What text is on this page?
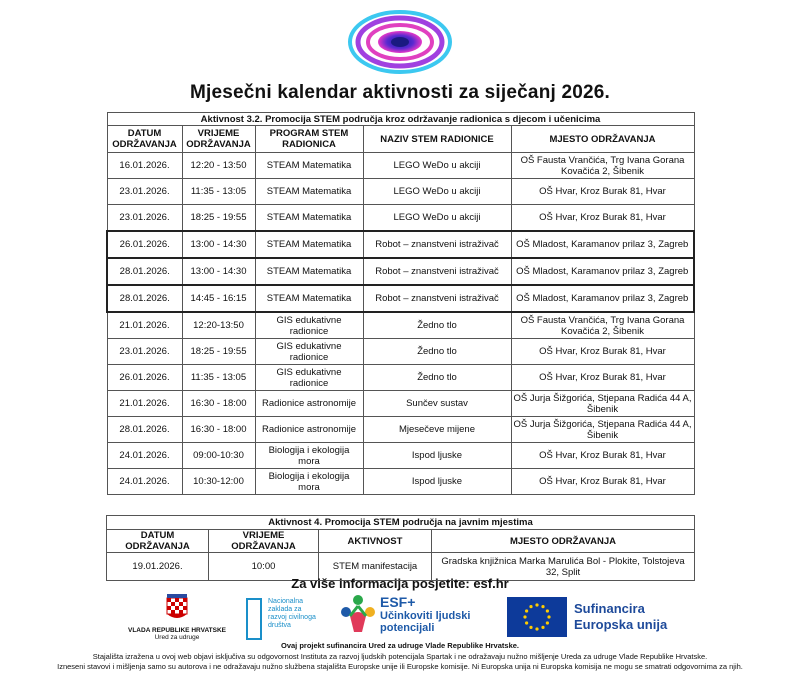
Mjesečni kalendar aktivnosti za siječanj 2026.
Aktivnost 3.2. Promocija STEM područja kroz održavanje radionica s djecom i učenicima				
DATUM ODRŽAVANJA	VRIJEME ODRŽAVANJA	PROGRAM STEM RADIONICA	NAZIV STEM RADIONICE	MJESTO ODRŽAVANJA
16.01.2026.	12:20 - 13:50	STEAM Matematika	LEGO WeDo u akciji	OŠ Fausta Vrančića, Trg Ivana Gorana Kovačića 2, Šibenik
23.01.2026.	11:35 - 13:05	STEAM Matematika	LEGO WeDo u akciji	OŠ Hvar, Kroz Burak 81, Hvar
23.01.2026.	18:25 - 19:55	STEAM Matematika	LEGO WeDo u akciji	OŠ Hvar, Kroz Burak 81, Hvar
26.01.2026.	13:00 - 14:30	STEAM Matematika	Robot – znanstveni istraživač	OŠ Mladost, Karamanov prilaz 3, Zagreb
28.01.2026.	13:00 - 14:30	STEAM Matematika	Robot – znanstveni istraživač	OŠ Mladost, Karamanov prilaz 3, Zagreb
28.01.2026.	14:45 - 16:15	STEAM Matematika	Robot – znanstveni istraživač	OŠ Mladost, Karamanov prilaz 3, Zagreb
21.01.2026.	12:20-13:50	GIS edukativne radionice	Žedno tlo	OŠ Fausta Vrančića, Trg Ivana Gorana Kovačića 2, Šibenik
23.01.2026.	18:25 - 19:55	GIS edukativne radionice	Žedno tlo	OŠ Hvar, Kroz Burak 81, Hvar
26.01.2026.	11:35 - 13:05	GIS edukativne radionice	Žedno tlo	OŠ Hvar, Kroz Burak 81, Hvar
21.01.2026.	16:30 - 18:00	Radionice astronomije	Sunčev sustav	OŠ Jurja Šižgorića, Stjepana Radića 44 A, Šibenik
28.01.2026.	16:30 - 18:00	Radionice astronomije	Mjesečeve mijene	OŠ Jurja Šižgorića, Stjepana Radića 44 A, Šibenik
24.01.2026.	09:00-10:30	Biologija i ekologija mora	Ispod ljuske	OŠ Hvar, Kroz Burak 81, Hvar
24.01.2026.	10:30-12:00	Biologija i ekologija mora	Ispod ljuske	OŠ Hvar, Kroz Burak 81, Hvar
Aktivnost 4. Promocija STEM područja na javnim mjestima			
DATUM ODRŽAVANJA	VRIJEME ODRŽAVANJA	AKTIVNOST	MJESTO ODRŽAVANJA
19.01.2026.	10:00	STEM manifestacija	Gradska knjižnica Marka Marulića Bol - Plokite, Tolstojeva 32, Split
Za više informacija posjetite: esf.hr
VLADA REPUBLIKE HRVATSKE
Ured za udruge
Nacionalna zaklada za razvoj civilnoga društva
ESF+
Učinkoviti ljudski potencijali
Sufinancira Europska unija
Ovaj projekt sufinancira Ured za udruge Vlade Republike Hrvatske.
Stajališta izražena u ovoj web objavi isključiva su odgovornost Instituta za razvoj ljudskih potencijala Spartak i ne odražavaju nužno mišljenje Ureda za udruge Vlade Republike Hrvatske.
Izneseni stavovi i mišljenja samo su autorova i ne odražavaju nužno službena stajališta Europske unije ili Europske komisije. Ni Europska unija ni Europska komisija ne mogu se smatrati odgovornima za njih.
